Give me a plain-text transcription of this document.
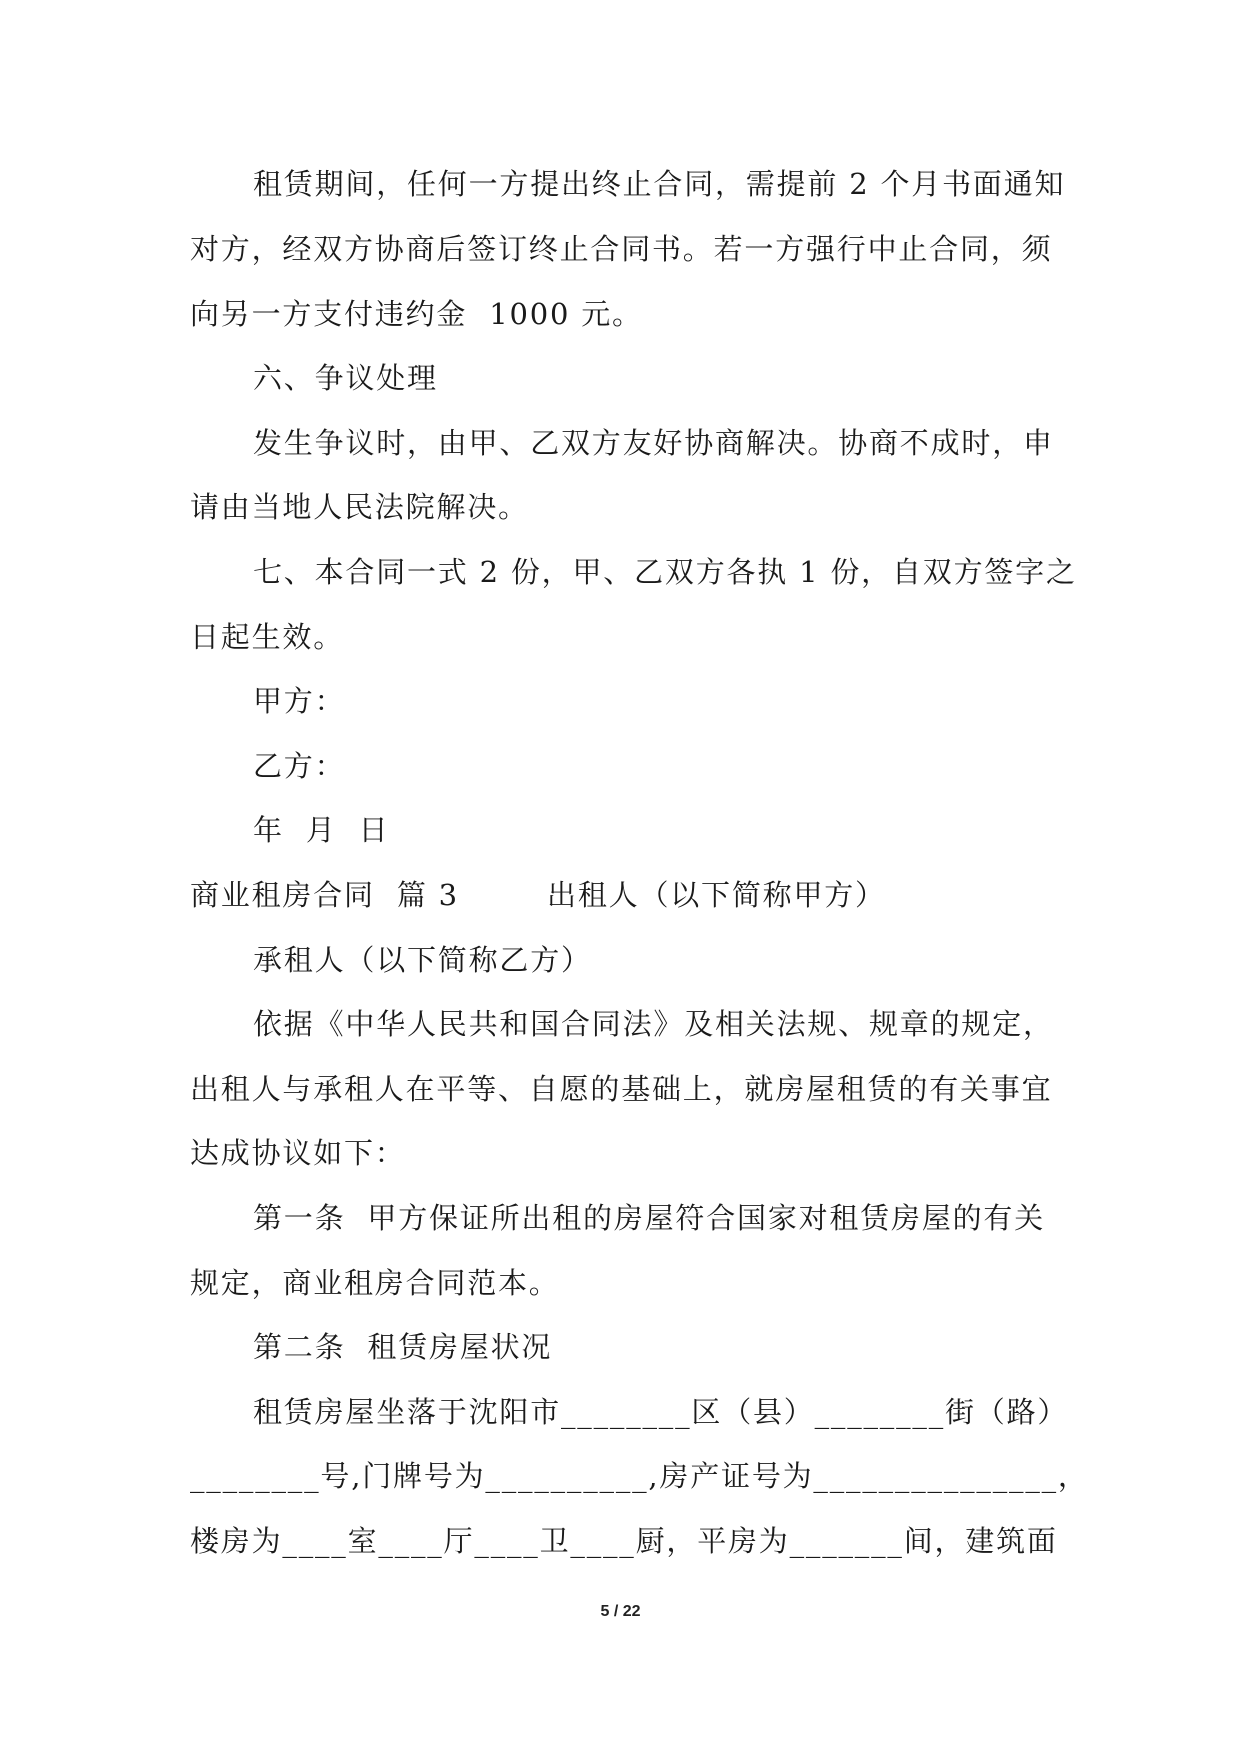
租赁期间，任何一方提出终止合同，需提前 2 个月书面通知
对方，经双方协商后签订终止合同书。若一方强行中止合同，须
向另一方支付违约金  1000 元。
六、争议处理
发生争议时，由甲、乙双方友好协商解决。协商不成时，申
请由当地人民法院解决。
七、本合同一式 2 份，甲、乙双方各执 1 份，自双方签字之
日起生效。
甲方：
乙方：
年  月  日
商业租房合同  篇 3        出租人（以下简称甲方）
承租人（以下简称乙方）
依据《中华人民共和国合同法》及相关法规、规章的规定，
出租人与承租人在平等、自愿的基础上，就房屋租赁的有关事宜
达成协议如下：
第一条  甲方保证所出租的房屋符合国家对租赁房屋的有关
规定，商业租房合同范本。
第二条  租赁房屋状况
租赁房屋坐落于沈阳市________区（县）________街（路）
________号,门牌号为__________,房产证号为_______________，
楼房为____室____厅____卫____厨，平房为_______间，建筑面
5 / 22
